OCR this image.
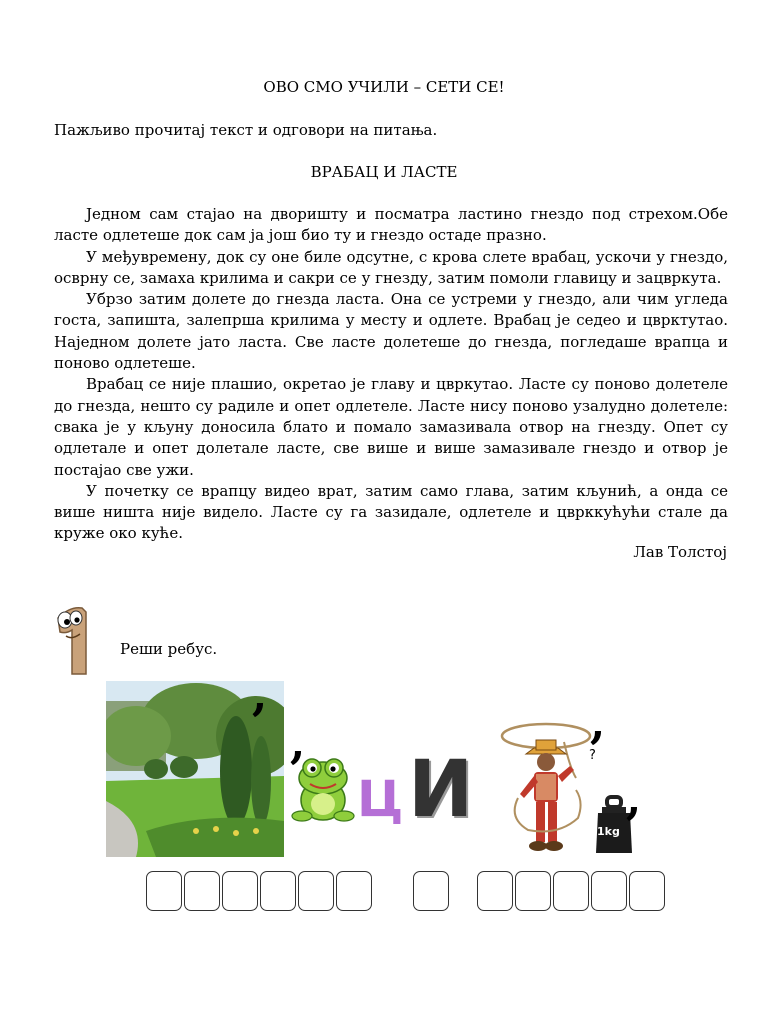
ОВО СМО УЧИЛИ – СЕТИ СЕ!
Пажљиво прочитај текст и одговори на питања.
ВРАБАЦ И ЛАСТЕ

Једном сам стајао на дворишту и посматра ластино гнездо под стрехом.Обе ласте одлетеше док сам ја још био ту и гнездо остаде празно.

У међувремену, док су оне биле одсутне, с крова слете врабац, ускочи у гнездо, осврну се, замаха крилима и сакри се у гнезду, затим помоли главицу и зацвркута.

Убрзо затим долете до гнезда ласта. Она се устреми у гнездо, али чим угледа госта, запишта, залепрша крилима у месту и одлете. Врабац је седео и цврктутао. Наједном долете јато ласта. Све ласте долетеше до гнезда, погледаше врапца и поново одлетеше.

Врабац се није плашио, окретао је главу и цвркутао. Ласте су поново долетеле до гнезда, нешто су радиле и опет одлетеле. Ласте нису поново узалудно долетеле: свака је у кљуну доносила блато и помало замазивала отвор на гнезду. Опет су одлетале и опет долетале ласте, све више и више замазивале гнездо и отвор је постајао све ужи.

У почетку се врапцу видео врат, затим само глава, затим кљунић, а онда се више ништа није видело. Ласте су га зазидале, одлетеле и цврккућући стале да круже око куће.

Лав Толстој
Реши ребус.
,
,
Ц И
,
?
1kg
,
